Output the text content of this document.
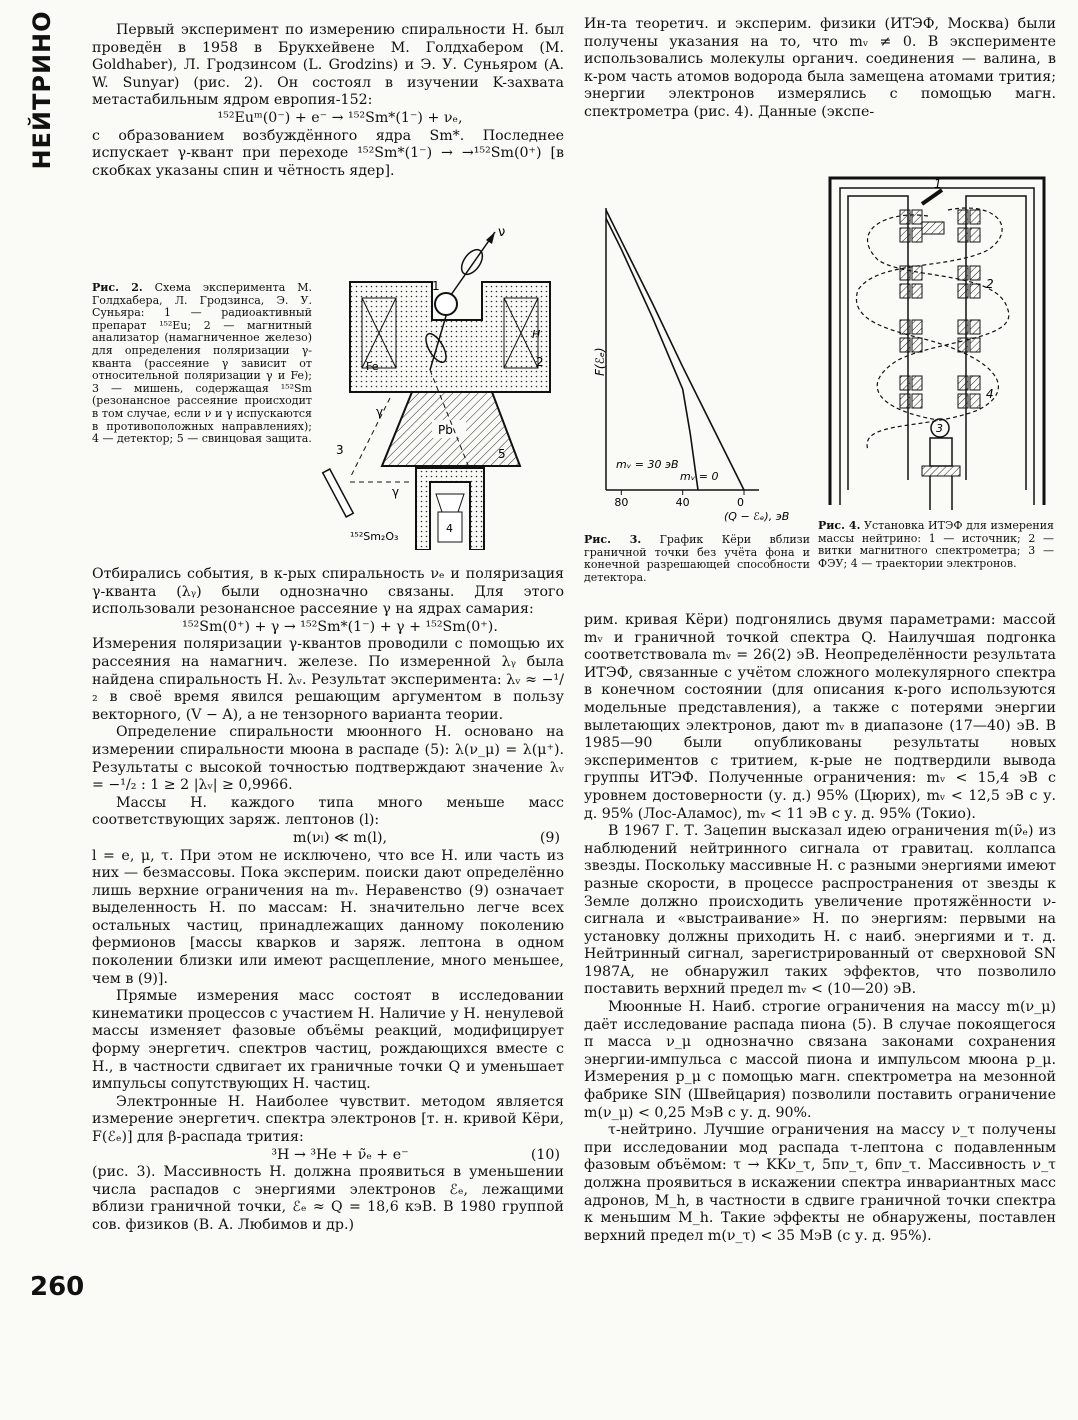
НЕЙТРИНО
260

Первый эксперимент по измерению спиральности Н. был проведён в 1958 в Брукхейвене М. Голдхабером (M. Goldhaber), Л. Гродзинсом (L. Grodzins) и Э. У. Суньяром (A. W. Sunyar) (рис. 2). Он состоял в изучении K-захвата метастабильным ядром европия-152:

¹⁵²Euᵐ(0⁻) + e⁻ → ¹⁵²Sm*(1⁻) + νₑ,

с образованием возбуждённого ядра Sm*. Последнее испускает γ-квант при переходе ¹⁵²Sm*(1⁻) → →¹⁵²Sm(0⁺) [в скобках указаны спин и чётность ядер].

Рис. 2. Схема эксперимента М. Голдхабера, Л. Гродзинса, Э. У. Суньяра: 1 — радиоактивный препарат ¹⁵²Eu; 2 — магнитный анализатор (намагниченное железо) для определения поляризации γ-кванта (рассеяние γ зависит от относительной поляризации γ и Fe); 3 — мишень, содержащая ¹⁵²Sm (резонансное рассеяние происходит в том случае, если ν и γ испускаются в противоположных направлениях); 4 — детектор; 5 — свинцовая защита.
ν
1
Fe
H
2
Pb
5
γ
γ
3
4
¹⁵²Sm₂O₃

Отбирались события, в к-рых спиральность νₑ и поляризация γ-кванта (λᵧ) были однозначно связаны. Для этого использовали резонансное рассеяние γ на ядрах самария:

¹⁵²Sm(0⁺) + γ → ¹⁵²Sm*(1⁻) + γ + ¹⁵²Sm(0⁺).

Измерения поляризации γ-квантов проводили с помощью их рассеяния на намагнич. железе. По измеренной λᵧ была найдена спиральность Н. λᵥ. Результат эксперимента: λᵥ ≈ −¹/₂ в своё время явился решающим аргументом в пользу векторного, (V − A), а не тензорного варианта теории.

Определение спиральности мюонного Н. основано на измерении спиральности мюона в распаде (5): λ(ν_μ) = λ(μ⁺). Результаты с высокой точностью подтверждают значение λᵥ = −¹/₂ : 1 ≥ 2 |λᵥ| ≥ 0,9966.

Массы Н. каждого типа много меньше масс соответствующих заряж. лептонов (l):

m(νₗ) ≪ m(l),	(9)

l = e, μ, τ. При этом не исключено, что все Н. или часть из них — безмассовы. Пока эксперим. поиски дают определённо лишь верхние ограничения на mᵥ. Неравенство (9) означает выделенность Н. по массам: Н. значительно легче всех остальных частиц, принадлежащих данному поколению фермионов [массы кварков и заряж. лептона в одном поколении близки или имеют расщепление, много меньшее, чем в (9)].

Прямые измерения масс состоят в исследовании кинематики процессов с участием Н. Наличие у Н. ненулевой массы изменяет фазовые объёмы реакций, модифицирует форму энергетич. спектров частиц, рождающихся вместе с Н., в частности сдвигает их граничные точки Q и уменьшает импульсы сопутствующих Н. частиц.

Электронные Н. Наиболее чувствит. методом является измерение энергетич. спектра электронов [т. н. кривой Кёри, F(ℰₑ)] для β-распада трития:

³H → ³He + ν̃ₑ + e⁻	(10)

(рис. 3). Массивность Н. должна проявиться в уменьшении числа распадов с энергиями электронов ℰₑ, лежащими вблизи граничной точки, ℰₑ ≈ Q = 18,6 кэВ. В 1980 группой сов. физиков (В. А. Любимов и др.)

Ин-та теоретич. и эксперим. физики (ИТЭФ, Москва) были получены указания на то, что mᵥ ≠ 0. В эксперименте использовались молекулы органич. соединения — валина, в к-ром часть атомов водорода была замещена атомами трития; энергии электронов измерялись с помощью магн. спектрометра (рис. 4). Данные (экспе-

F(ℰₑ)
80	40	0
mᵥ = 0
mᵥ = 30 эВ
(Q − ℰₑ), эВ
Рис. 3. График Кёри вблизи граничной точки без учёта фона и конечной разрешающей способности детектора.
1
2
4
3
Рис. 4. Установка ИТЭФ для измерения массы нейтрино: 1 — источник; 2 — витки магнитного спектрометра; 3 — ФЭУ; 4 — траектории электронов.

рим. кривая Кёри) подгонялись двумя параметрами: массой mᵥ и граничной точкой спектра Q. Наилучшая подгонка соответствовала mᵥ = 26(2) эВ. Неопределённости результата ИТЭФ, связанные с учётом сложного молекулярного спектра в конечном состоянии (для описания к-рого используются модельные представления), а также с потерями энергии вылетающих электронов, дают mᵥ в диапазоне (17—40) эВ. В 1985—90 были опубликованы результаты новых экспериментов с тритием, к-рые не подтвердили вывода группы ИТЭФ. Полученные ограничения: mᵥ < 15,4 эВ с уровнем достоверности (у. д.) 95% (Цюрих), mᵥ < 12,5 эВ с у. д. 95% (Лос-Аламос), mᵥ < 11 эВ с у. д. 95% (Токио).

В 1967 Г. Т. Зацепин высказал идею ограничения m(ν̃ₑ) из наблюдений нейтринного сигнала от гравитац. коллапса звезды. Поскольку массивные Н. с разными энергиями имеют разные скорости, в процессе распространения от звезды к Земле должно происходить увеличение протяжённости ν-сигнала и «выстраивание» Н. по энергиям: первыми на установку должны приходить Н. с наиб. энергиями и т. д. Нейтринный сигнал, зарегистрированный от сверхновой SN 1987A, не обнаружил таких эффектов, что позволило поставить верхний предел mᵥ < (10—20) эВ.

Мюонные Н. Наиб. строгие ограничения на массу m(ν_μ) даёт исследование распада пиона (5). В случае покоящегося π масса ν_μ однозначно связана законами сохранения энергии-импульса с массой пиона и импульсом мюона p_μ. Измерения p_μ с помощью магн. спектрометра на мезонной фабрике SIN (Швейцария) позволили поставить ограничение m(ν_μ) < 0,25 МэВ с у. д. 90%.

τ-нейтрино. Лучшие ограничения на массу ν_τ получены при исследовании мод распада τ-лептона с подавленным фазовым объёмом: τ → KKν_τ, 5πν_τ, 6πν_τ. Массивность ν_τ должна проявиться в искажении спектра инвариантных масс адронов, M_h, в частности в сдвиге граничной точки спектра к меньшим M_h. Такие эффекты не обнаружены, поставлен верхний предел m(ν_τ) < 35 МэВ (с у. д. 95%).
